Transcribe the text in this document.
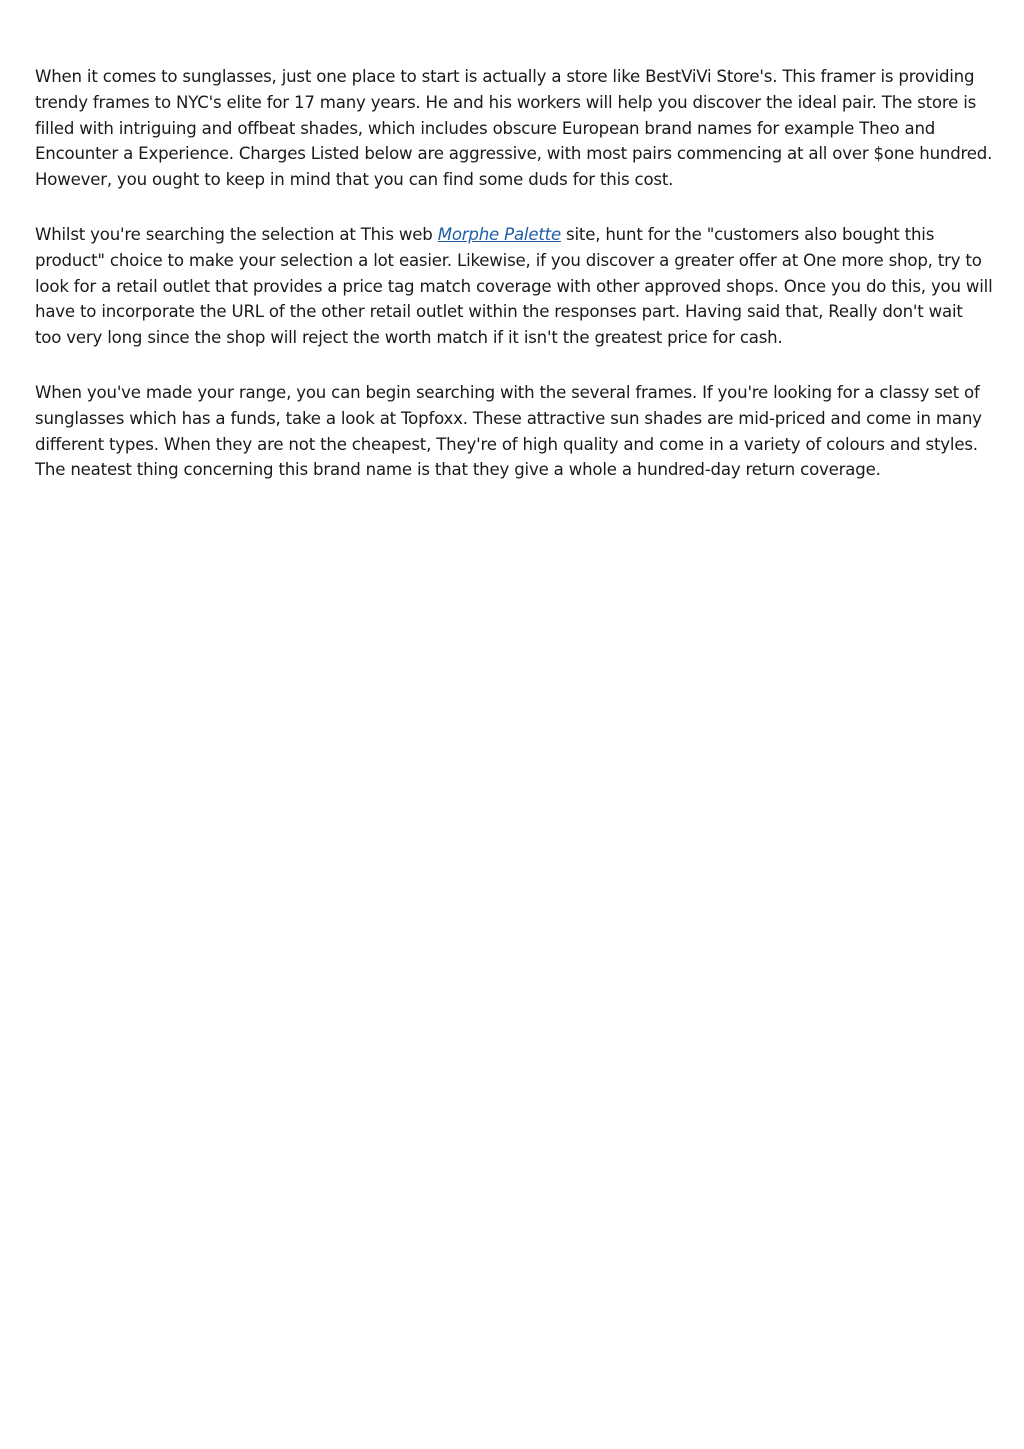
When it comes to sunglasses, just one place to start is actually a store like BestViVi Store's. This framer is providing trendy frames to NYC's elite for 17 many years. He and his workers will help you discover the ideal pair. The store is filled with intriguing and offbeat shades, which includes obscure European brand names for example Theo and Encounter a Experience. Charges Listed below are aggressive, with most pairs commencing at all over $one hundred. However, you ought to keep in mind that you can find some duds for this cost.

Whilst you're searching the selection at This web Morphe Palette site, hunt for the "customers also bought this product" choice to make your selection a lot easier. Likewise, if you discover a greater offer at One more shop, try to look for a retail outlet that provides a price tag match coverage with other approved shops. Once you do this, you will have to incorporate the URL of the other retail outlet within the responses part. Having said that, Really don't wait too very long since the shop will reject the worth match if it isn't the greatest price for cash.

When you've made your range, you can begin searching with the several frames. If you're looking for a classy set of sunglasses which has a funds, take a look at Topfoxx. These attractive sun shades are mid-priced and come in many different types. When they are not the cheapest, They're of high quality and come in a variety of colours and styles. The neatest thing concerning this brand name is that they give a whole a hundred-day return coverage.
